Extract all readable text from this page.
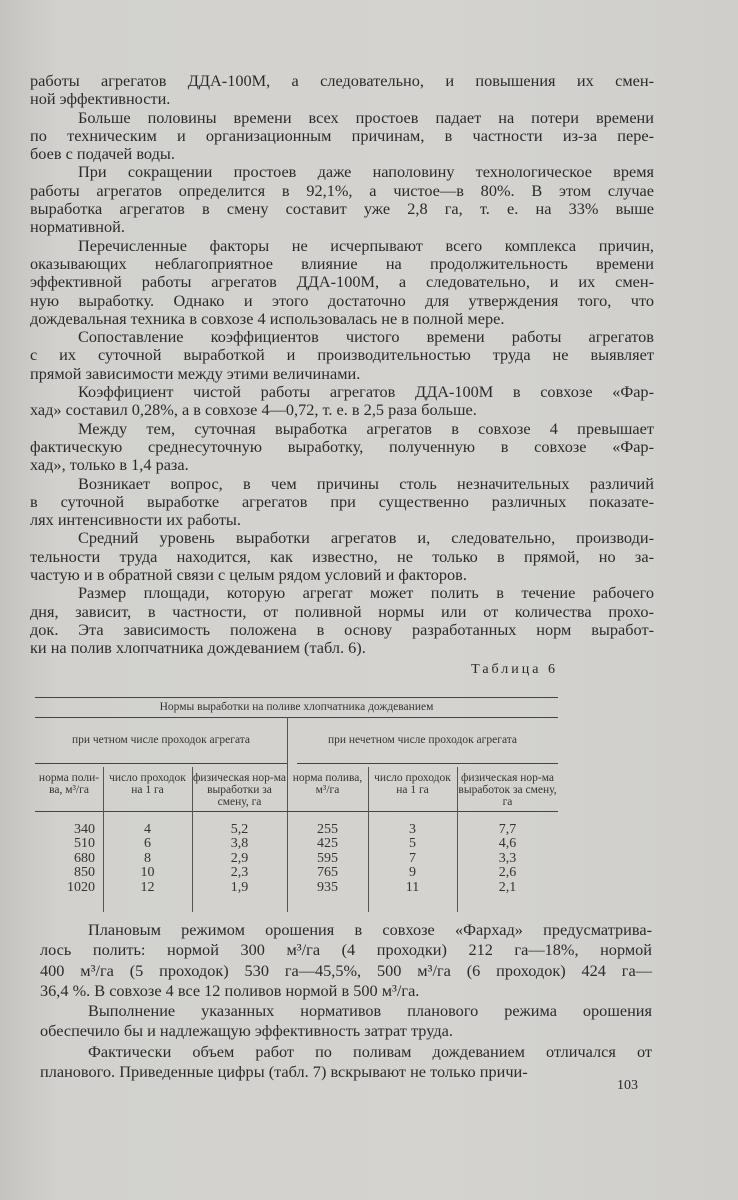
работы агрегатов ДДА-100М, а следовательно, и повышения их смен-
ной эффективности.
Больше половины времени всех простоев падает на потери времени
по техническим и организационным причинам, в частности из-за пере-
боев с подачей воды.
При сокращении простоев даже наполовину технологическое время
работы агрегатов определится в 92,1%, а чистое—в 80%. В этом случае
выработка агрегатов в смену составит уже 2,8 га, т. е. на 33% выше
нормативной.
Перечисленные факторы не исчерпывают всего комплекса причин,
оказывающих неблагоприятное влияние на продолжительность времени
эффективной работы агрегатов ДДА-100М, а следовательно, и их смен-
ную выработку. Однако и этого достаточно для утверждения того, что
дождевальная техника в совхозе 4 использовалась не в полной мере.
Сопоставление коэффициентов чистого времени работы агрегатов
с их суточной выработкой и производительностью труда не выявляет
прямой зависимости между этими величинами.
Коэффициент чистой работы агрегатов ДДА-100М в совхозе «Фар-
хад» составил 0,28%, а в совхозе 4—0,72, т. е. в 2,5 раза больше.
Между тем, суточная выработка агрегатов в совхозе 4 превышает
фактическую среднесуточную выработку, полученную в совхозе «Фар-
хад», только в 1,4 раза.
Возникает вопрос, в чем причины столь незначительных различий
в суточной выработке агрегатов при существенно различных показате-
лях интенсивности их работы.
Средний уровень выработки агрегатов и, следовательно, производи-
тельности труда находится, как известно, не только в прямой, но за-
частую и в обратной связи с целым рядом условий и факторов.
Размер площади, которую агрегат может полить в течение рабочего
дня, зависит, в частности, от поливной нормы или от количества прохо-
док. Эта зависимость положена в основу разработанных норм выработ-
ки на полив хлопчатника дождеванием (табл. 6).
Таблица 6
Нормы выработки на поливе хлопчатника дождеванием
при четном числе проходок агрегата	при нечетном числе проходок агрегата
норма поли-ва, м³/га
340
510
680
850
1020
число проходок на 1 га
4
6
8
10
12
физическая нор-ма выработки за смену, га
5,2
3,8
2,9
2,3
1,9
норма полива, м³/га
255
425
595
765
935
число проходок на 1 га
3
5
7
9
11
физическая нор-ма выработок за смену, га
7,7
4,6
3,3
2,6
2,1
Плановым режимом орошения в совхозе «Фархад» предусматрива-
лось полить: нормой 300 м³/га (4 проходки) 212 га—18%, нормой
400 м³/га (5 проходок) 530 га—45,5%, 500 м³/га (6 проходок) 424 га—
36,4 %. В совхозе 4 все 12 поливов нормой в 500 м³/га.
Выполнение указанных нормативов планового режима орошения
обеспечило бы и надлежащую эффективность затрат труда.
Фактически объем работ по поливам дождеванием отличался от
планового. Приведенные цифры (табл. 7) вскрывают не только причи-
103
